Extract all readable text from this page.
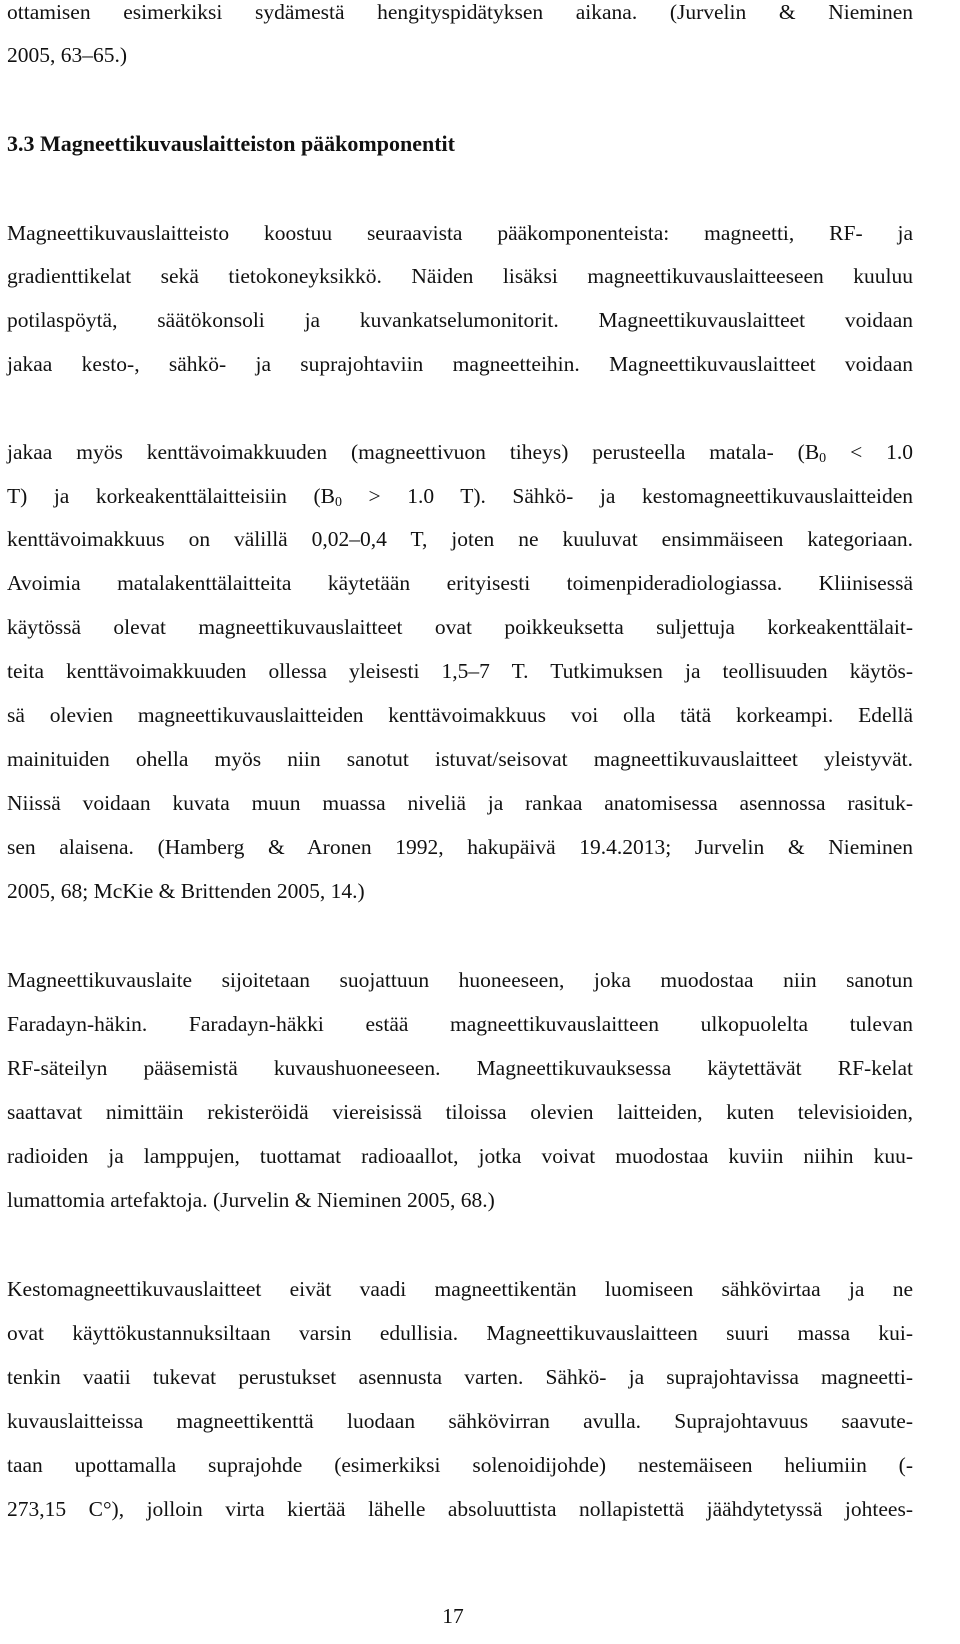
ottamisen esimerkiksi sydämestä hengityspidätyksen aikana. (Jurvelin & Nieminen
2005, 63–65.)
3.3 Magneettikuvauslaitteiston pääkomponentit
Magneettikuvauslaitteisto koostuu seuraavista pääkomponenteista: magneetti, RF- ja
gradienttikelat sekä tietokoneyksikkö. Näiden lisäksi magneettikuvauslaitteeseen kuuluu
potilaspöytä, säätökonsoli ja kuvankatselumonitorit. Magneettikuvauslaitteet voidaan
jakaa kesto-, sähkö- ja suprajohtaviin magneetteihin. Magneettikuvauslaitteet voidaan
jakaa myös kenttävoimakkuuden (magneettivuon tiheys) perusteella matala- ($B_0 < 1.0$
T) ja korkeakenttälaitteisiin ($B_0 > 1.0$ T). Sähkö- ja kestomagneettikuvauslaitteiden
kenttävoimakkuus on välillä 0,02–0,4 T, joten ne kuuluvat ensimmäiseen kategoriaan.
Avoimia matalakenttälaitteita käytetään erityisesti toimenpideradiologiassa. Kliinisessä
käytössä olevat magneettikuvauslaitteet ovat poikkeuksetta suljettuja korkeakenttälait-
teita kenttävoimakkuuden ollessa yleisesti 1,5–7 T. Tutkimuksen ja teollisuuden käytös-
sä olevien magneettikuvauslaitteiden kenttävoimakkuus voi olla tätä korkeampi. Edellä
mainituiden ohella myös niin sanotut istuvat/seisovat magneettikuvauslaitteet yleistyvät.
Niissä voidaan kuvata muun muassa niveliä ja rankaa anatomisessa asennossa rasituk-
sen alaisena. (Hamberg & Aronen 1992, hakupäivä 19.4.2013; Jurvelin & Nieminen
2005, 68; McKie & Brittenden 2005, 14.)
Magneettikuvauslaite sijoitetaan suojattuun huoneeseen, joka muodostaa niin sanotun
Faradayn-häkin. Faradayn-häkki estää magneettikuvauslaitteen ulkopuolelta tulevan
RF-säteilyn pääsemistä kuvaushuoneeseen. Magneettikuvauksessa käytettävät RF-kelat
saattavat nimittäin rekisteröidä viereisissä tiloissa olevien laitteiden, kuten televisioiden,
radioiden ja lamppujen, tuottamat radioaallot, jotka voivat muodostaa kuviin niihin kuu-
lumattomia artefaktoja. (Jurvelin & Nieminen 2005, 68.)
Kestomagneettikuvauslaitteet eivät vaadi magneettikentän luomiseen sähkövirtaa ja ne
ovat käyttökustannuksiltaan varsin edullisia. Magneettikuvauslaitteen suuri massa kui-
tenkin vaatii tukevat perustukset asennusta varten. Sähkö- ja suprajohtavissa magneetti-
kuvauslaitteissa magneettikenttä luodaan sähkövirran avulla. Suprajohtavuus saavute-
taan upottamalla suprajohde (esimerkiksi solenoidijohde) nestemäiseen heliumiin (-
273,15 C°), jolloin virta kiertää lähelle absoluuttista nollapistettä jäähdytetyssä johtees-
17
